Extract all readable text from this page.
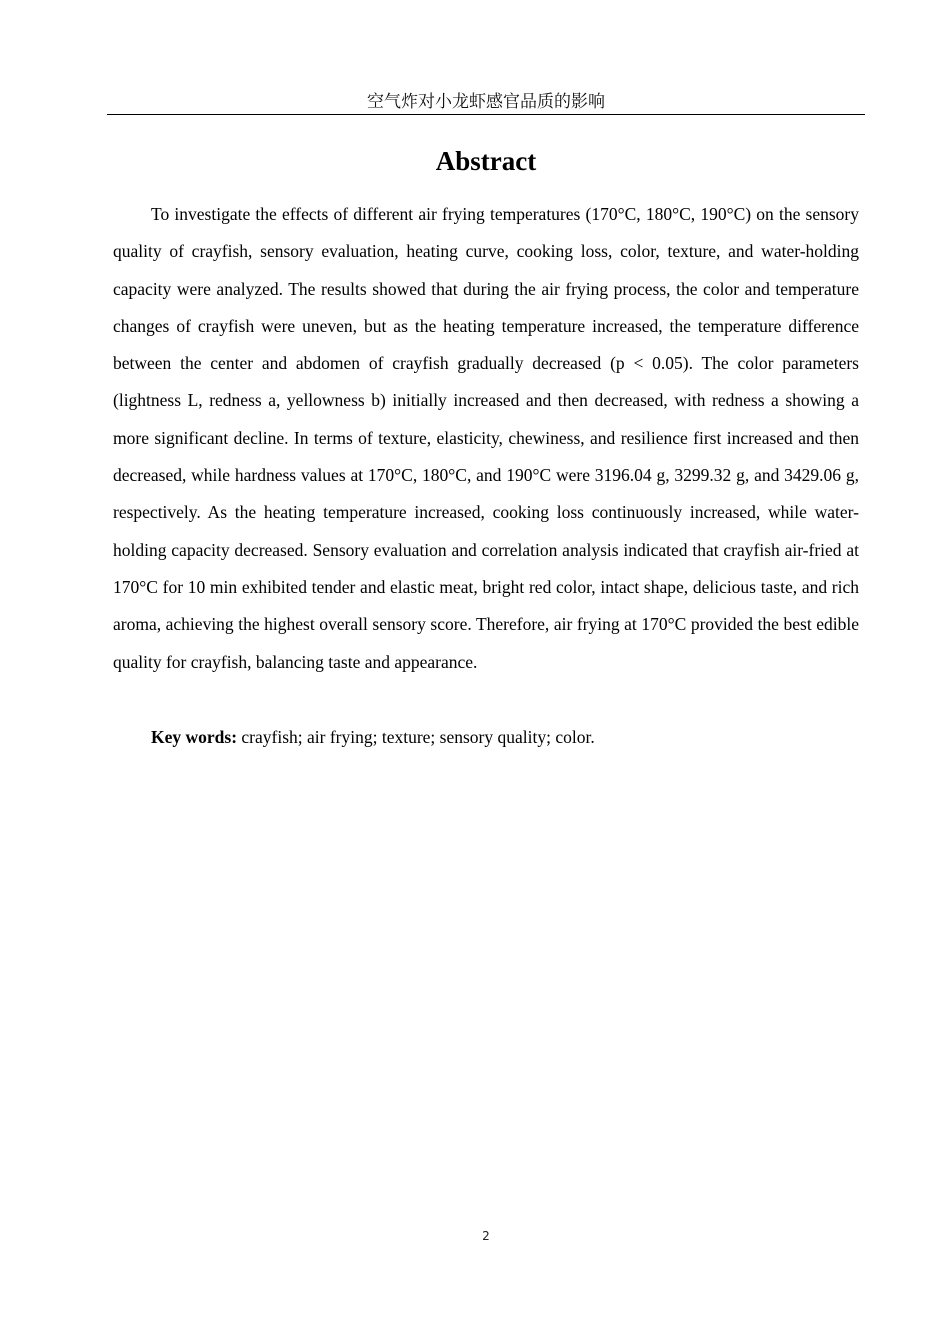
空气炸对小龙虾感官品质的影响
Abstract

To investigate the effects of different air frying temperatures (170°C, 180°C, 190°C) on the sensory quality of crayfish, sensory evaluation, heating curve, cooking loss, color, texture, and water-holding capacity were analyzed. The results showed that during the air frying process, the color and temperature changes of crayfish were uneven, but as the heating temperature increased, the temperature difference between the center and abdomen of crayfish gradually decreased (p < 0.05). The color parameters (lightness L, redness a, yellowness b) initially increased and then decreased, with redness a showing a more significant decline. In terms of texture, elasticity, chewiness, and resilience first increased and then decreased, while hardness values at 170°C, 180°C, and 190°C were 3196.04 g, 3299.32 g, and 3429.06 g, respectively. As the heating temperature increased, cooking loss continuously increased, while water-holding capacity decreased. Sensory evaluation and correlation analysis indicated that crayfish air-fried at 170°C for 10 min exhibited tender and elastic meat, bright red color, intact shape, delicious taste, and rich aroma, achieving the highest overall sensory score. Therefore, air frying at 170°C provided the best edible quality for crayfish, balancing taste and appearance.

Key words: crayfish; air frying; texture; sensory quality; color.

2
